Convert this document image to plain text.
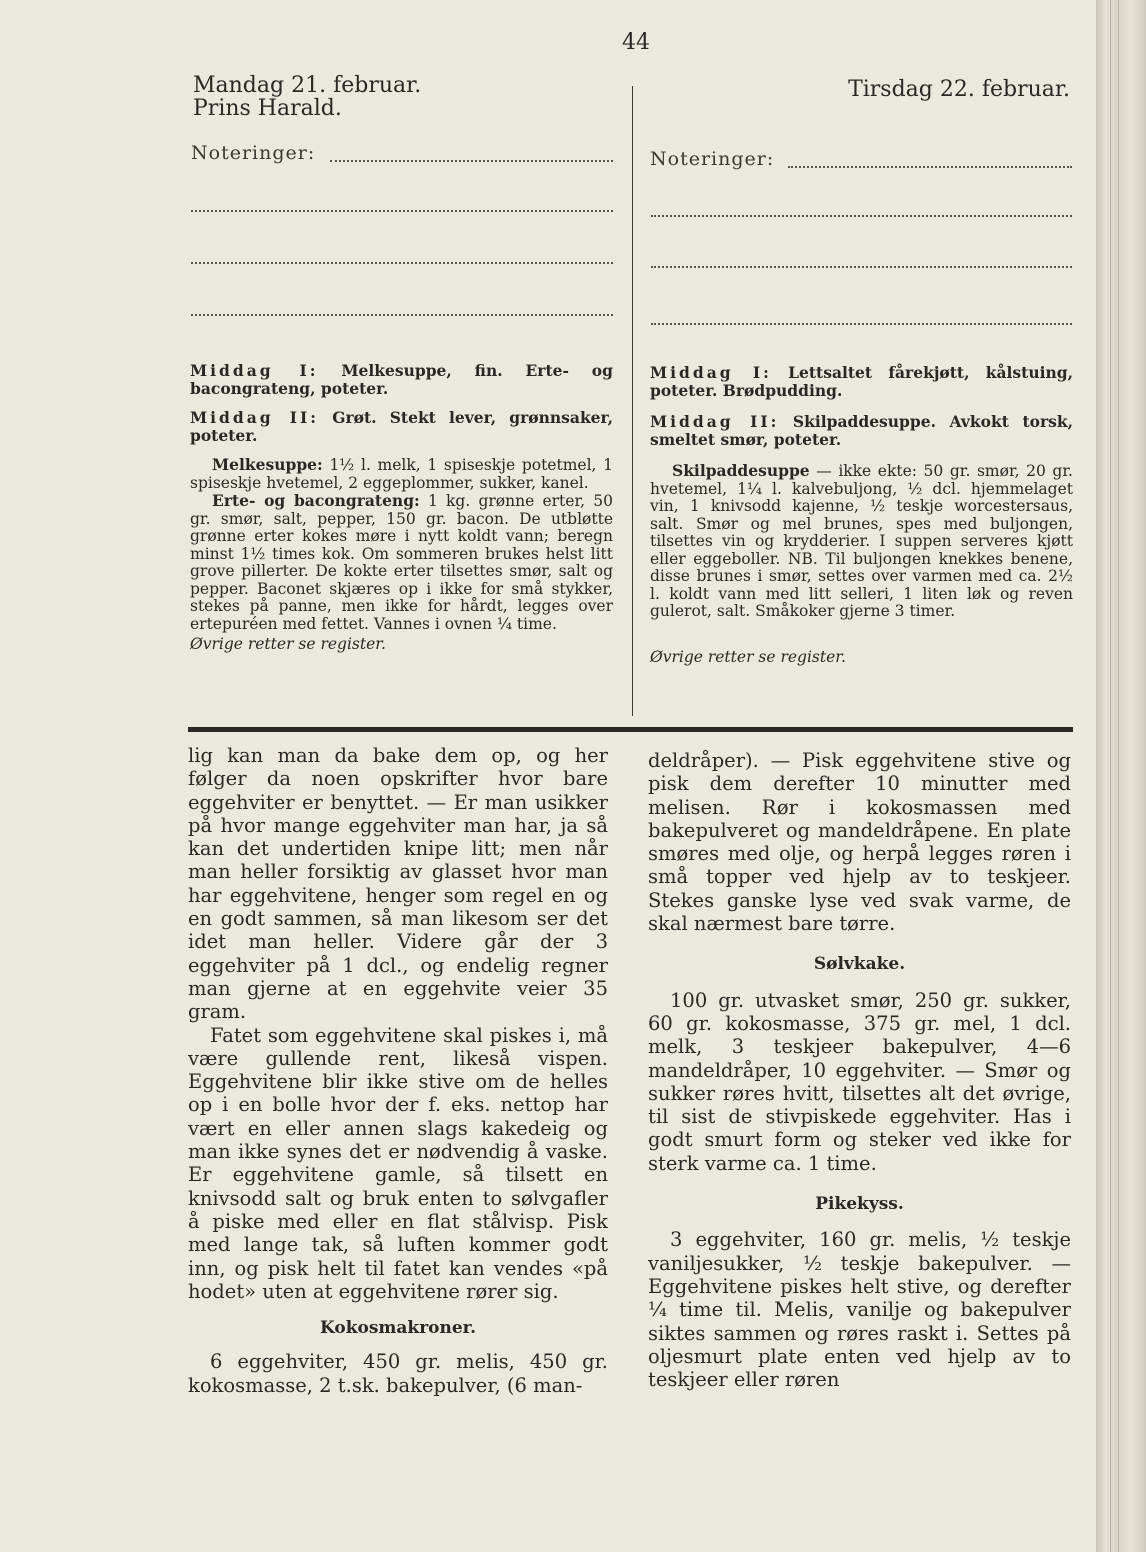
44
Mandag 21. februar.
Prins Harald.
Tirsdag 22. februar.
Noteringer:	Noteringer:

Middag I: Melkesuppe, fin. Erte- og bacongrateng, poteter.

Middag II: Grøt. Stekt lever, grønnsaker, poteter.

Melkesuppe: 1½ l. melk, 1 spiseskje potetmel, 1 spiseskje hvetemel, 2 eggeplommer, sukker, kanel.

Erte- og bacongrateng: 1 kg. grønne erter, 50 gr. smør, salt, pepper, 150 gr. bacon. De utbløtte grønne erter kokes møre i nytt koldt vann; beregn minst 1½ times kok. Om sommeren brukes helst litt grove pillerter. De kokte erter tilsettes smør, salt og pepper. Baconet skjæres op i ikke for små stykker, stekes på panne, men ikke for hårdt, legges over ertepuréen med fettet. Vannes i ovnen ¼ time.

Øvrige retter se register.

Middag I: Lettsaltet fårekjøtt, kålstuing, poteter. Brødpudding.

Middag II: Skilpaddesuppe. Avkokt torsk, smeltet smør, poteter.

Skilpaddesuppe — ikke ekte: 50 gr. smør, 20 gr. hvetemel, 1¼ l. kalvebuljong, ½ dcl. hjemmelaget vin, 1 knivsodd kajenne, ½ teskje worcestersaus, salt. Smør og mel brunes, spes med buljongen, tilsettes vin og krydderier. I suppen serveres kjøtt eller eggeboller. NB. Til buljongen knekkes benene, disse brunes i smør, settes over varmen med ca. 2½ l. koldt vann med litt selleri, 1 liten løk og reven gulerot, salt. Småkoker gjerne 3 timer.

Øvrige retter se register.

lig kan man da bake dem op, og her følger da noen opskrifter hvor bare eggehviter er benyttet. — Er man usikker på hvor mange eggehviter man har, ja så kan det undertiden knipe litt; men når man heller forsiktig av glasset hvor man har eggehvitene, henger som regel en og en godt sammen, så man likesom ser det idet man heller. Videre går der 3 eggehviter på 1 dcl., og endelig regner man gjerne at en eggehvite veier 35 gram.

Fatet som eggehvitene skal piskes i, må være gullende rent, likeså vispen. Eggehvitene blir ikke stive om de helles op i en bolle hvor der f. eks. nettop har vært en eller annen slags kakedeig og man ikke synes det er nødvendig å vaske. Er eggehvitene gamle, så tilsett en knivsodd salt og bruk enten to sølvgafler å piske med eller en flat stålvisp. Pisk med lange tak, så luften kommer godt inn, og pisk helt til fatet kan vendes «på hodet» uten at eggehvitene rører sig.

Kokosmakroner.

6 eggehviter, 450 gr. melis, 450 gr. kokosmasse, 2 t.sk. bakepulver, (6 man-

deldråper). — Pisk eggehvitene stive og pisk dem derefter 10 minutter med melisen. Rør i kokosmassen med bakepulveret og mandeldråpene. En plate smøres med olje, og herpå legges røren i små topper ved hjelp av to teskjeer. Stekes ganske lyse ved svak varme, de skal nærmest bare tørre.

Sølvkake.

100 gr. utvasket smør, 250 gr. sukker, 60 gr. kokosmasse, 375 gr. mel, 1 dcl. melk, 3 teskjeer bakepulver, 4—6 mandeldråper, 10 eggehviter. — Smør og sukker røres hvitt, tilsettes alt det øvrige, til sist de stivpiskede eggehviter. Has i godt smurt form og steker ved ikke for sterk varme ca. 1 time.

Pikekyss.

3 eggehviter, 160 gr. melis, ½ teskje vaniljesukker, ½ teskje bakepulver. — Eggehvitene piskes helt stive, og derefter ¼ time til. Melis, vanilje og bakepulver siktes sammen og røres raskt i. Settes på oljesmurt plate enten ved hjelp av to teskjeer eller røren
